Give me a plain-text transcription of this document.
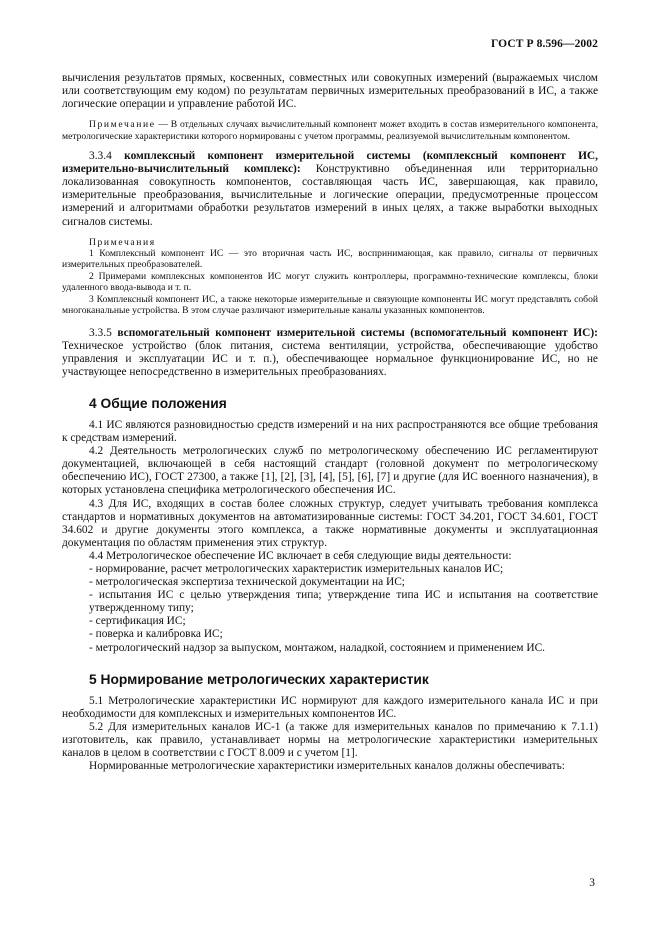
ГОСТ Р 8.596—2002

вычисления результатов прямых, косвенных, совместных или совокупных измерений (выражаемых числом или соответствующим ему кодом) по результатам первичных измерительных преобразований в ИС, а также логические операции и управление работой ИС.

Примечание — В отдельных случаях вычислительный компонент может входить в состав измерительного компонента, метрологические характеристики которого нормированы с учетом программы, реализуемой вычислительным компонентом.

3.3.4 комплексный компонент измерительной системы (комплексный компонент ИС, измерительно-вычислительный комплекс): Конструктивно объединенная или территориально локализованная совокупность компонентов, составляющая часть ИС, завершающая, как правило, измерительные преобразования, вычислительные и логические операции, предусмотренные процессом измерений и алгоритмами обработки результатов измерений в иных целях, а также выработки выходных сигналов системы.

Примечания

1 Комплексный компонент ИС — это вторичная часть ИС, воспринимающая, как правило, сигналы от первичных измерительных преобразователей.

2 Примерами комплексных компонентов ИС могут служить контроллеры, программно-технические комплексы, блоки удаленного ввода-вывода и т. п.

3 Комплексный компонент ИС, а также некоторые измерительные и связующие компоненты ИС могут представлять собой многоканальные устройства. В этом случае различают измерительные каналы указанных компонентов.

3.3.5 вспомогательный компонент измерительной системы (вспомогательный компонент ИС): Техническое устройство (блок питания, система вентиляции, устройства, обеспечивающие удобство управления и эксплуатации ИС и т. п.), обеспечивающее нормальное функционирование ИС, но не участвующее непосредственно в измерительных преобразованиях.

4 Общие положения

4.1 ИС являются разновидностью средств измерений и на них распространяются все общие требования к средствам измерений.

4.2 Деятельность метрологических служб по метрологическому обеспечению ИС регламентируют документацией, включающей в себя настоящий стандарт (головной документ по метрологическому обеспечению ИС), ГОСТ 27300, а также [1], [2], [3], [4], [5], [6], [7] и другие (для ИС военного назначения), в которых установлена специфика метрологического обеспечения ИС.

4.3 Для ИС, входящих в состав более сложных структур, следует учитывать требования комплекса стандартов и нормативных документов на автоматизированные системы: ГОСТ 34.201, ГОСТ 34.601, ГОСТ 34.602 и другие документы этого комплекса, а также нормативные документы и эксплуатационная документация по областям применения этих структур.

4.4 Метрологическое обеспечение ИС включает в себя следующие виды деятельности:

- нормирование, расчет метрологических характеристик измерительных каналов ИС;
- метрологическая экспертиза технической документации на ИС;
- испытания ИС с целью утверждения типа; утверждение типа ИС и испытания на соответствие утвержденному типу;
- сертификация ИС;
- поверка и калибровка ИС;
- метрологический надзор за выпуском, монтажом, наладкой, состоянием и применением ИС.
5 Нормирование метрологических характеристик

5.1 Метрологические характеристики ИС нормируют для каждого измерительного канала ИС и при необходимости для комплексных и измерительных компонентов ИС.

5.2 Для измерительных каналов ИС-1 (а также для измерительных каналов по примечанию к 7.1.1) изготовитель, как правило, устанавливает нормы на метрологические характеристики измерительных каналов в целом в соответствии с ГОСТ 8.009 и с учетом [1].

Нормированные метрологические характеристики измерительных каналов должны обеспечивать:

3
